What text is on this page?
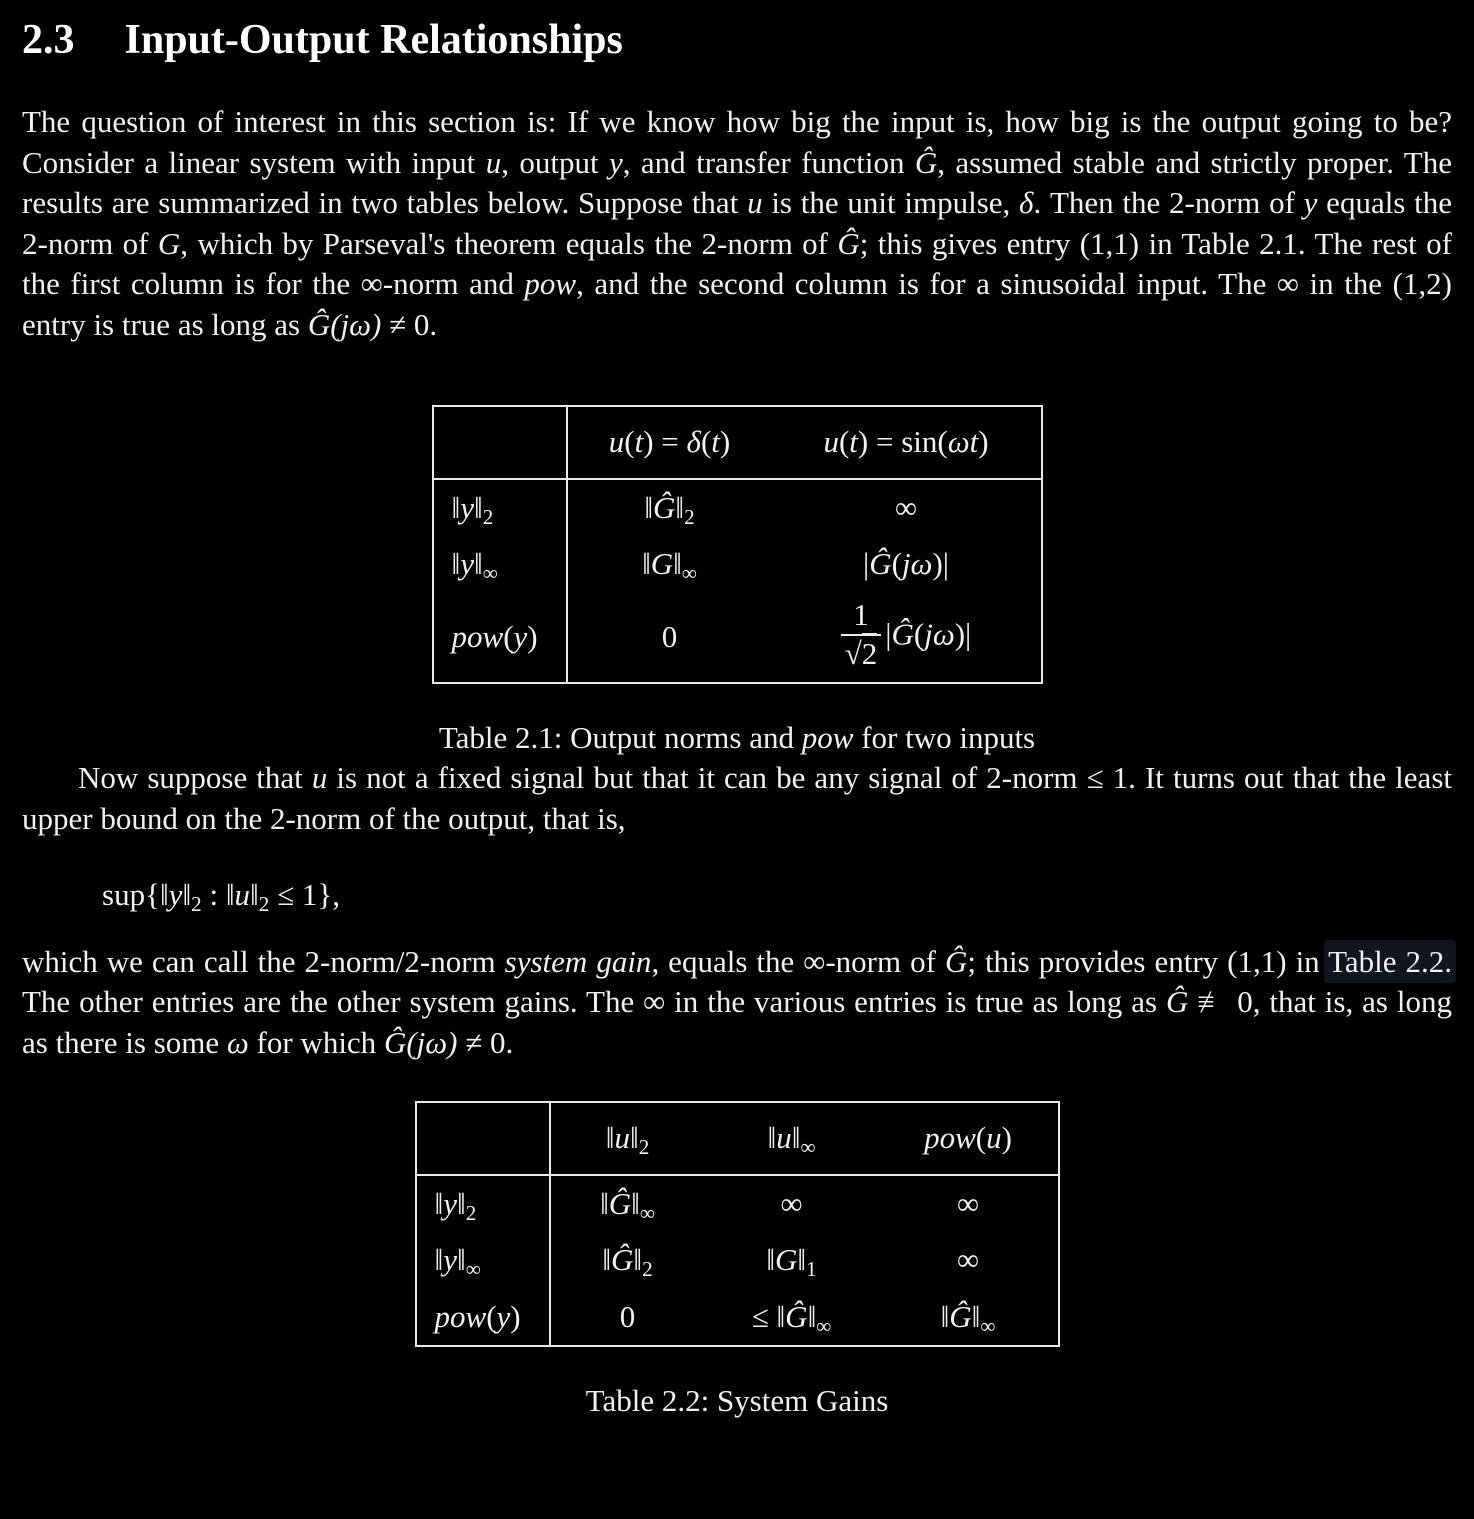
2.3 Input-Output Relationships

The question of interest in this section is: If we know how big the input is, how big is the output going to be? Consider a linear system with input u, output y, and transfer function Ĝ, assumed stable and strictly proper. The results are summarized in two tables below. Suppose that u is the unit impulse, δ. Then the 2-norm of y equals the 2-norm of G, which by Parseval's theorem equals the 2-norm of Ĝ; this gives entry (1,1) in Table 2.1. The rest of the first column is for the ∞-norm and pow, and the second column is for a sinusoidal input. The ∞ in the (1,2) entry is true as long as Ĝ(jω) ≠ 0.

	u(t) = δ(t)	u(t) = sin(ωt)
$‖y‖_2$	$‖Ĝ‖_2$	∞
$‖y‖_\infty$	$‖G‖_\infty$	|Ĝ(jω)|
pow(y)	0	$\frac{1}{√2}$ |Ĝ(jω)|
Table 2.1: Output norms and pow for two inputs

Now suppose that u is not a fixed signal but that it can be any signal of 2-norm ≤ 1. It turns out that the least upper bound on the 2-norm of the output, that is,

$sup\{‖y‖_2$ : $‖u‖_2 \le 1$},

which we can call the 2-norm/2-norm system gain, equals the ∞-norm of Ĝ; this provides entry (1,1) in Table 2.2. The other entries are the other system gains. The ∞ in the various entries is true as long as Ĝ ≢ 0, that is, as long as there is some ω for which Ĝ(jω) ≠ 0.

	$‖u‖_2$	$‖u‖_\infty$	pow(u)
$‖y‖_2$	$‖Ĝ‖_\infty$	∞	∞
$‖y‖_\infty$	$‖Ĝ‖_2$	$‖G‖_1$	∞
pow(y)	0	≤ $‖Ĝ‖_\infty$	$‖Ĝ‖_\infty$
Table 2.2: System Gains
